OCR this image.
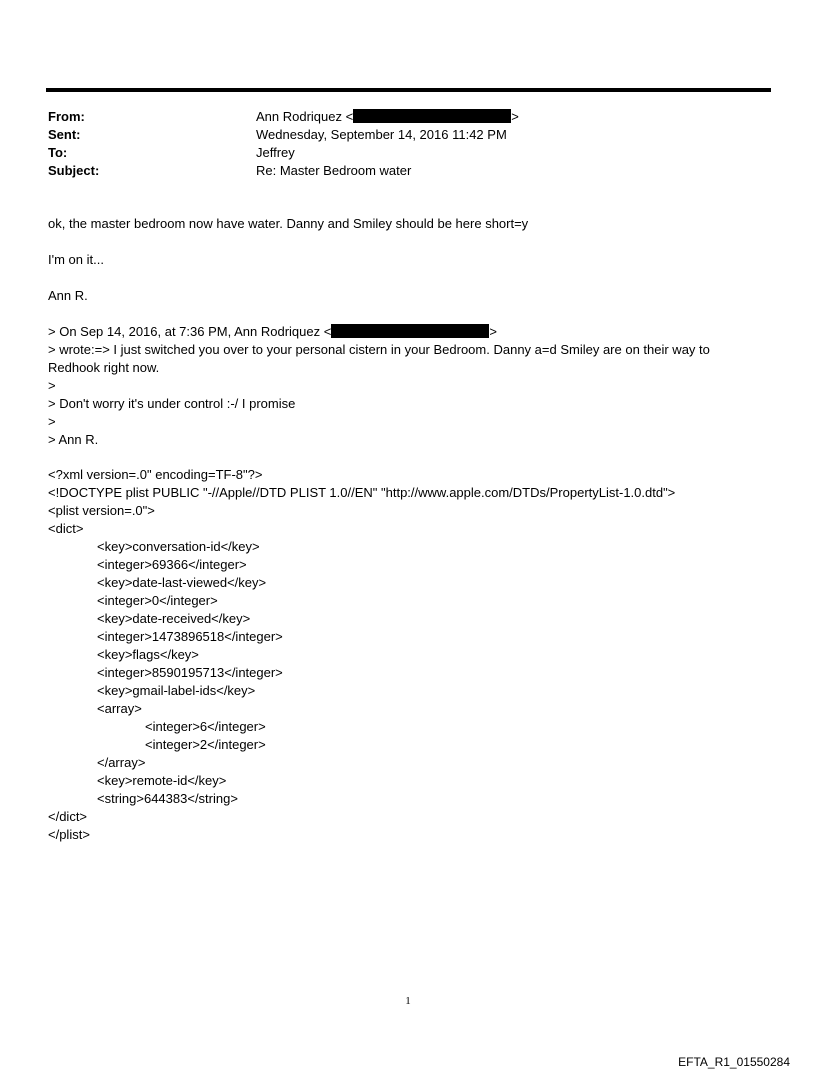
From:	Ann Rodriquez <	>
Sent:	Wednesday, September 14, 2016 11:42 PM
To:	Jeffrey
Subject:	Re: Master Bedroom water
ok, the master bedroom now have water. Danny and Smiley should be here short=y
I'm on it...
Ann R.
> On Sep 14, 2016, at 7:36 PM, Ann Rodriquez <	>
> wrote:=> I just switched you over to your personal cistern in your Bedroom. Danny a=d Smiley are on their way to Redhook right now.
>
> Don't worry it's under control :-/ I promise
>
> Ann R.
<?xml version=.0" encoding=TF-8"?>
<!DOCTYPE plist PUBLIC "-//Apple//DTD PLIST 1.0//EN" "http://www.apple.com/DTDs/PropertyList-1.0.dtd">
<plist version=.0">
<dict>
<key>conversation-id</key>
<integer>69366</integer>
<key>date-last-viewed</key>
<integer>0</integer>
<key>date-received</key>
<integer>1473896518</integer>
<key>flags</key>
<integer>8590195713</integer>
<key>gmail-label-ids</key>
<array>
<integer>6</integer>
<integer>2</integer>
</array>
<key>remote-id</key>
<string>644383</string>
</dict>
</plist>
1
EFTA_R1_01550284
